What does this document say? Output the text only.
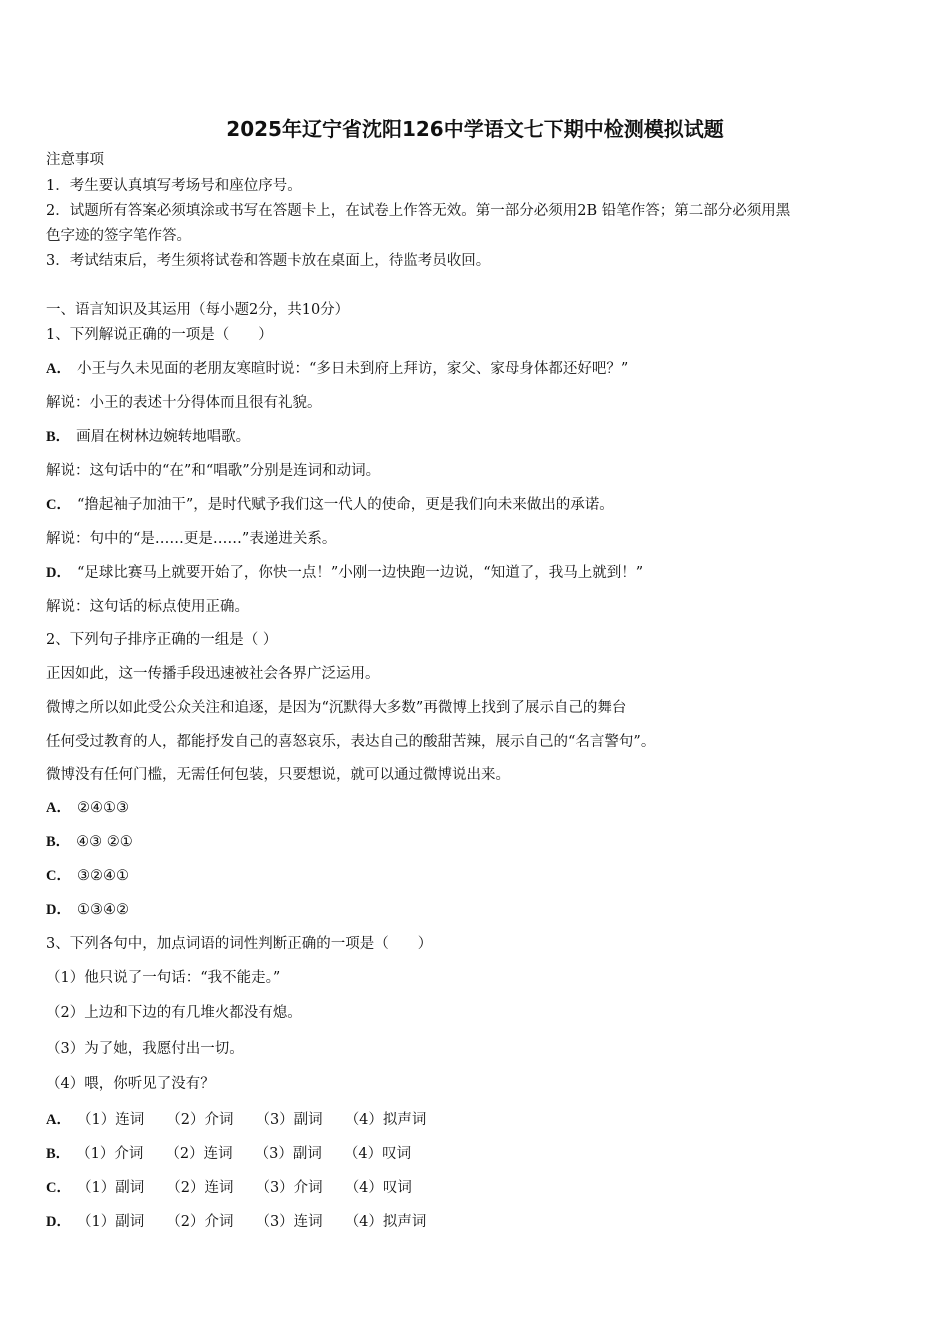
2025年辽宁省沈阳126中学语文七下期中检测模拟试题
注意事项
1．考生要认真填写考场号和座位序号。
2．试题所有答案必须填涂或书写在答题卡上，在试卷上作答无效。第一部分必须用2B 铅笔作答；第二部分必须用黑
色字迹的签字笔作答。
3．考试结束后，考生须将试卷和答题卡放在桌面上，待监考员收回。
一、语言知识及其运用（每小题2分，共10分）
1、下列解说正确的一项是（　　）
A． 小王与久未见面的老朋友寒暄时说：“多日未到府上拜访，家父、家母身体都还好吧？”
解说：小王的表述十分得体而且很有礼貌。
B． 画眉在树林边婉转地唱歌。
解说：这句话中的“在”和“唱歌”分别是连词和动词。
C． “撸起袖子加油干”，是时代赋予我们这一代人的使命，更是我们向未来做出的承诺。
解说：句中的“是……更是……”表递进关系。
D． “足球比赛马上就要开始了，你快一点！”小刚一边快跑一边说，“知道了，我马上就到！”
解说：这句话的标点使用正确。
2、下列句子排序正确的一组是（ ）
正因如此，这一传播手段迅速被社会各界广泛运用。
微博之所以如此受公众关注和追逐，是因为“沉默得大多数”再微博上找到了展示自己的舞台
任何受过教育的人，都能抒发自己的喜怒哀乐，表达自己的酸甜苦辣，展示自己的“名言警句”。
微博没有任何门槛，无需任何包装，只要想说，就可以通过微博说出来。
A． ②④①③
B． ④③ ②①
C． ③②④①
D． ①③④②
3、下列各句中，加点词语的词性判断正确的一项是（　　）
（1）他只说了一句话：“我不能走。”
（2）上边和下边的有几堆火都没有熄。
（3）为了她，我愿付出一切。
（4）喂，你听见了没有？
A． （1）连词 （2）介词 （3）副词 （4）拟声词
B． （1）介词 （2）连词 （3）副词 （4）叹词
C． （1）副词 （2）连词 （3）介词 （4）叹词
D． （1）副词 （2）介词 （3）连词 （4）拟声词
